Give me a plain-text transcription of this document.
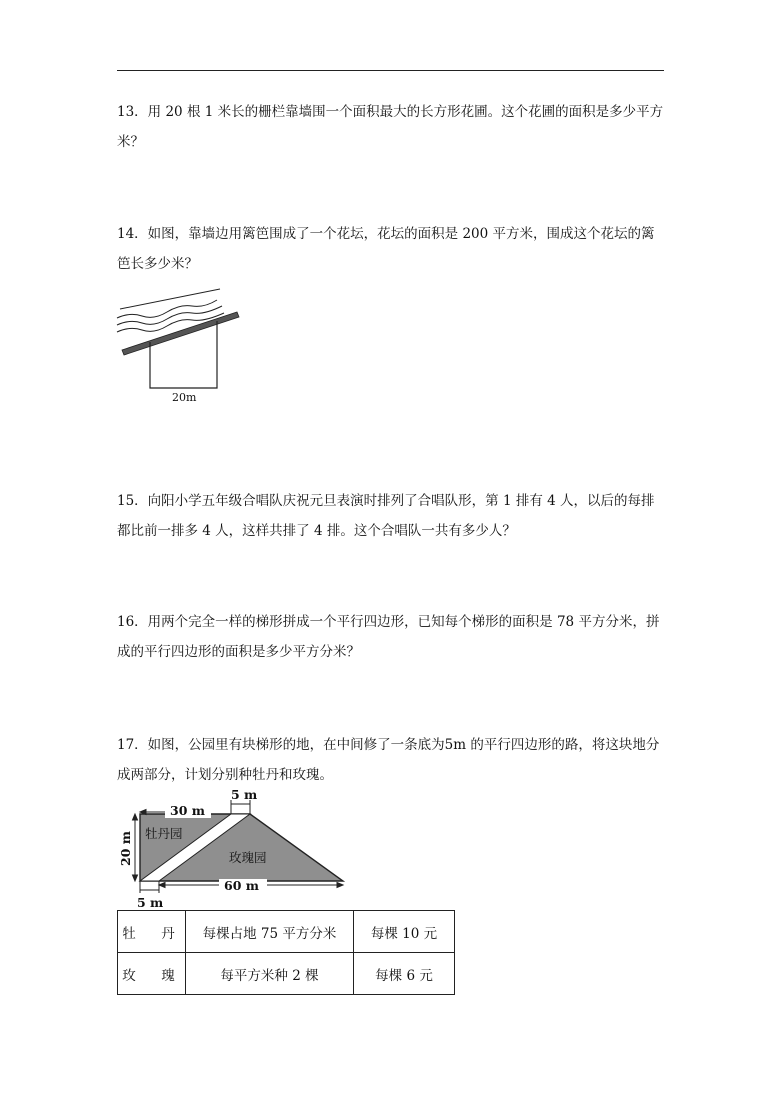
13．用 20 根 1 米长的栅栏靠墙围一个面积最大的长方形花圃。这个花圃的面积是多少平方米？

14．如图，靠墙边用篱笆围成了一个花坛，花坛的面积是 200 平方米，围成这个花坛的篱笆长多少米？

20m

15．向阳小学五年级合唱队庆祝元旦表演时排列了合唱队形，第 1 排有 4 人，以后的每排都比前一排多 4 人，这样共排了 4 排。这个合唱队一共有多少人？

16．用两个完全一样的梯形拼成一个平行四边形，已知每个梯形的面积是 78 平方分米，拼成的平行四边形的面积是多少平方分米？

17．如图，公园里有块梯形的地，在中间修了一条底为5m 的平行四边形的路，将这块地分成两部分，计划分别种牡丹和玫瑰。

30 m
5 m
20 m 牡丹园
玫瑰园
60 m
5 m
牡　丹	每棵占地 75 平方分米	每棵 10 元
玫　瑰	每平方米种 2 棵	每棵 6 元
